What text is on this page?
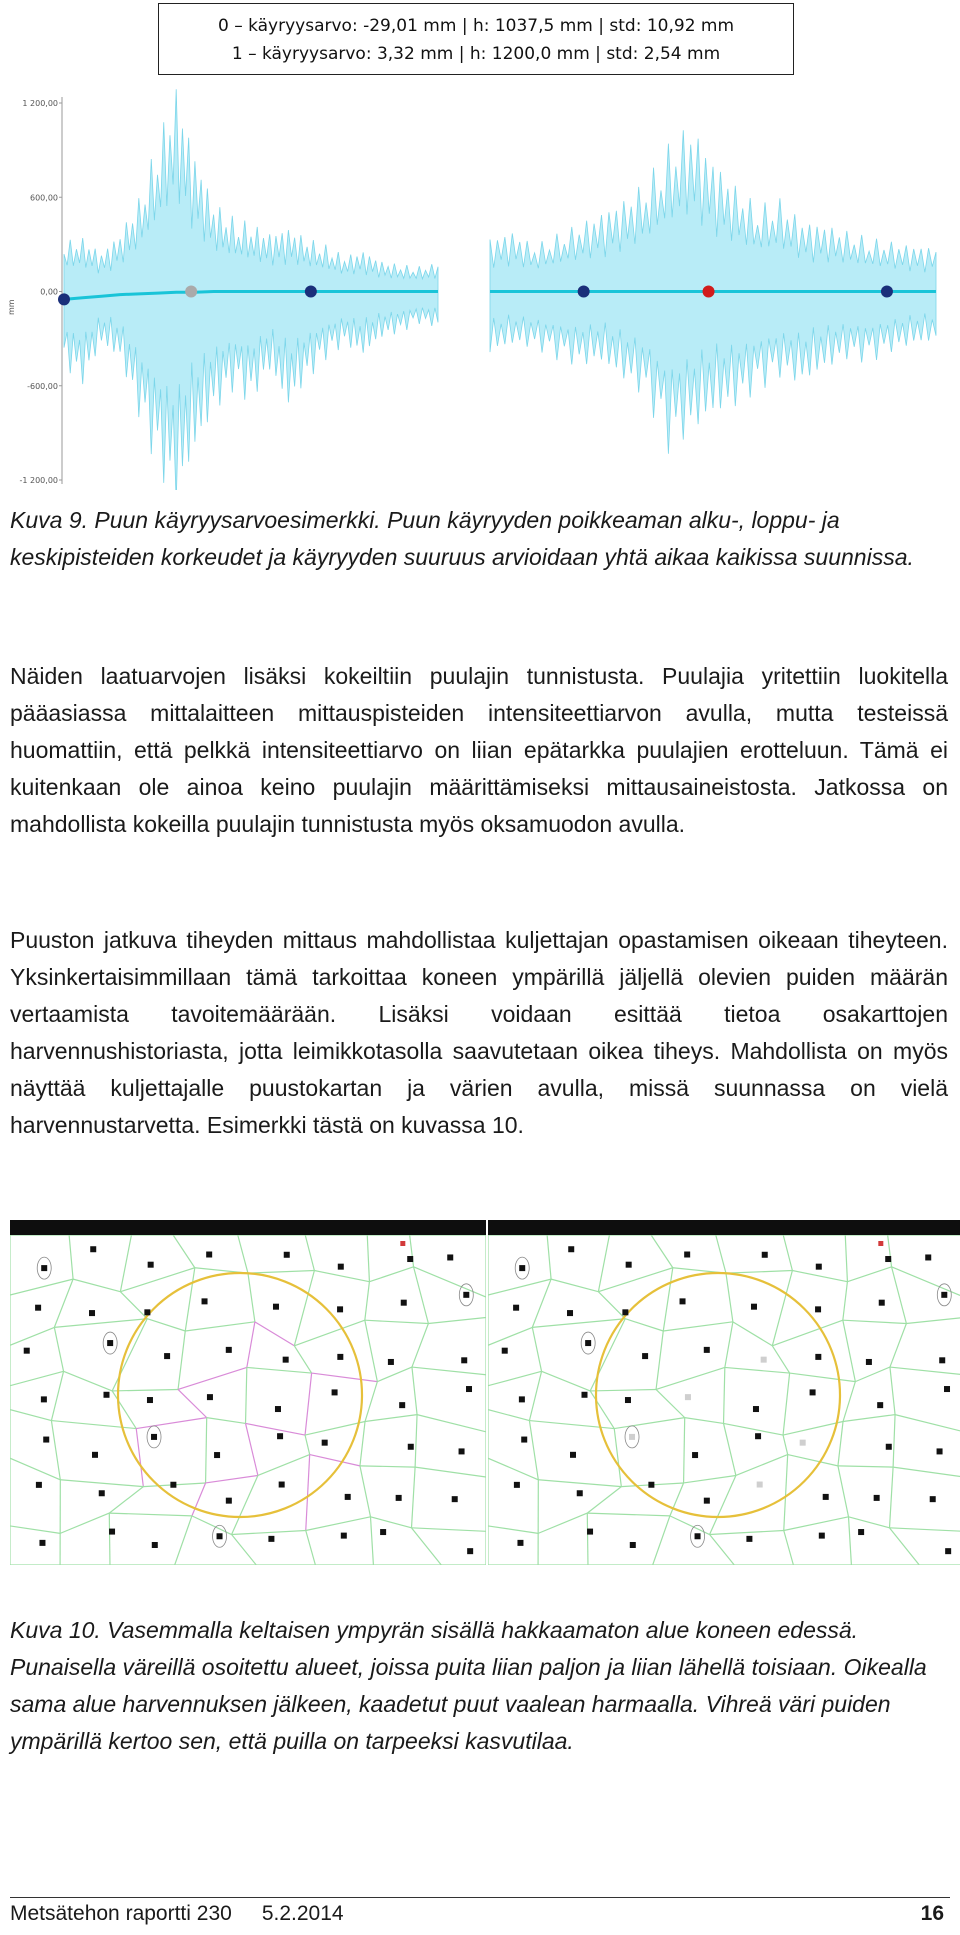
0 – käyryysarvo: -29,01 mm | h: 1037,5 mm | std: 10,92 mm
1 – käyryysarvo: 3,32 mm | h: 1200,0 mm | std: 2,54 mm
1 200,00
600,00
0,00
-600,00
-1 200,00
mm
Kuva 9. Puun käyryysarvoesimerkki. Puun käyryyden poikkeaman alku-, loppu- ja keskipisteiden korkeudet ja käyryyden suuruus arvioidaan yhtä aikaa kaikissa suunnissa.
Näiden laatuarvojen lisäksi kokeiltiin puulajin tunnistusta. Puulajia yritettiin luokitella pääasiassa mittalaitteen mittauspisteiden intensiteettiarvon avulla, mutta testeissä huomattiin, että pelkkä intensiteettiarvo on liian epätarkka puulajien erotteluun. Tämä ei kuitenkaan ole ainoa keino puulajin määrittämiseksi mittausaineistosta. Jatkossa on mahdollista kokeilla puulajin tunnistusta myös oksamuodon avulla.
Puuston jatkuva tiheyden mittaus mahdollistaa kuljettajan opastamisen oikeaan tiheyteen. Yksinkertaisimmillaan tämä tarkoittaa koneen ympärillä jäljellä olevien puiden määrän vertaamista tavoitemäärään. Lisäksi voidaan esittää tietoa osakarttojen harvennushistoriasta, jotta leimikkotasolla saavutetaan oikea tiheys. Mahdollista on myös näyttää kuljettajalle puustokartan ja värien avulla, missä suunnassa on vielä harvennustarvetta. Esimerkki tästä on kuvassa 10.
Kuva 10. Vasemmalla keltaisen ympyrän sisällä hakkaamaton alue koneen edessä. Punaisella väreillä osoitettu alueet, joissa puita liian paljon ja liian lähellä toisiaan. Oikealla sama alue harvennuksen jälkeen, kaadetut puut vaalean harmaalla. Vihreä väri puiden ympärillä kertoo sen, että puilla on tarpeeksi kasvutilaa.
Metsätehon raportti 230 5.2.2014	16
